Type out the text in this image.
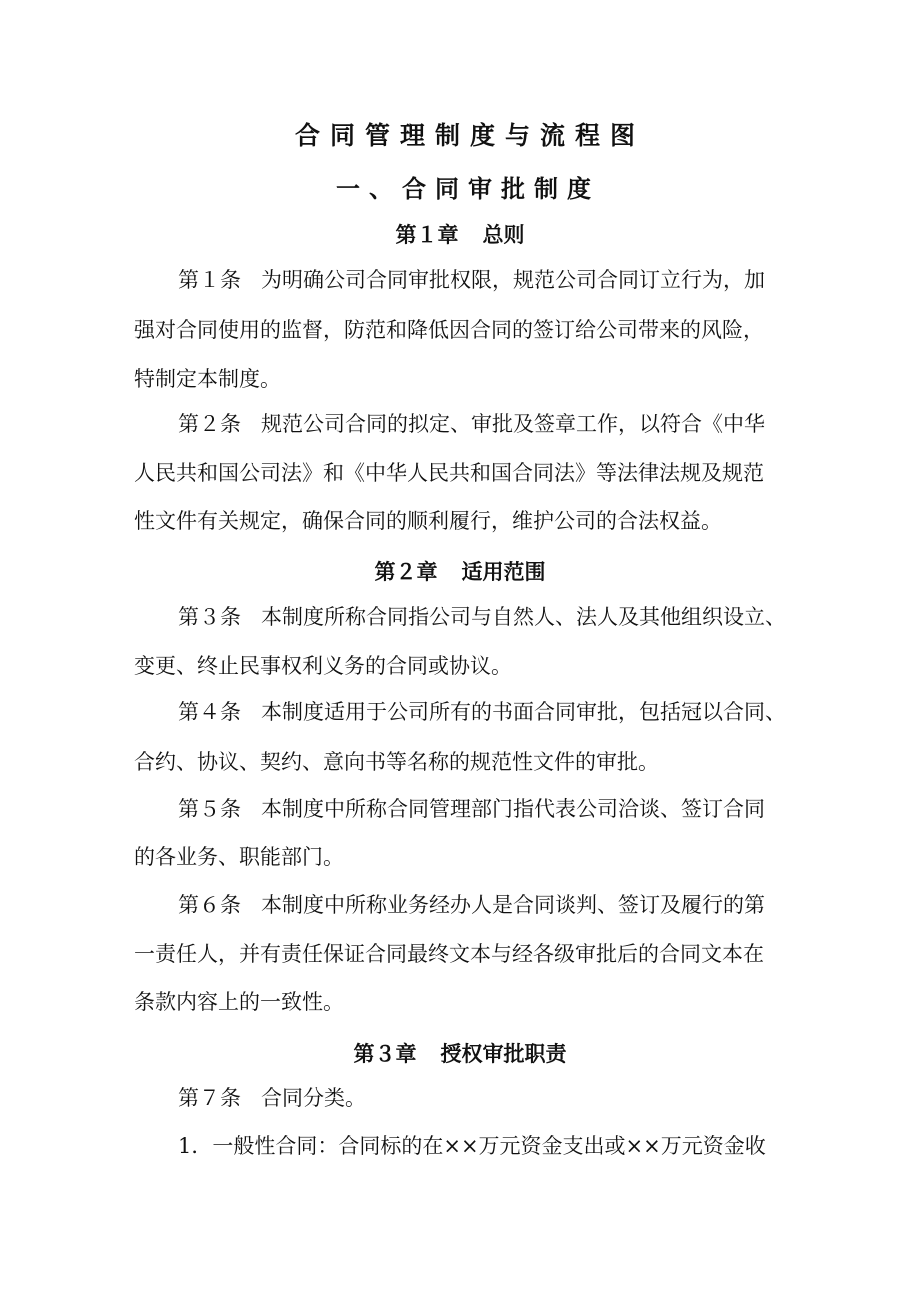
合同管理制度与流程图
一、合同审批制度
第１章 总则
第１条 为明确公司合同审批权限，规范公司合同订立行为，加
强对合同使用的监督，防范和降低因合同的签订给公司带来的风险，
特制定本制度。
第２条 规范公司合同的拟定、审批及签章工作，以符合《中华
人民共和国公司法》和《中华人民共和国合同法》等法律法规及规范
性文件有关规定，确保合同的顺利履行，维护公司的合法权益。
第２章 适用范围
第３条 本制度所称合同指公司与自然人、法人及其他组织设立、
变更、终止民事权利义务的合同或协议。
第４条 本制度适用于公司所有的书面合同审批，包括冠以合同、
合约、协议、契约、意向书等名称的规范性文件的审批。
第５条 本制度中所称合同管理部门指代表公司洽谈、签订合同
的各业务、职能部门。
第６条 本制度中所称业务经办人是合同谈判、签订及履行的第
一责任人，并有责任保证合同最终文本与经各级审批后的合同文本在
条款内容上的一致性。
第３章 授权审批职责
第７条 合同分类。
1．一般性合同：合同标的在××万元资金支出或××万元资金收
